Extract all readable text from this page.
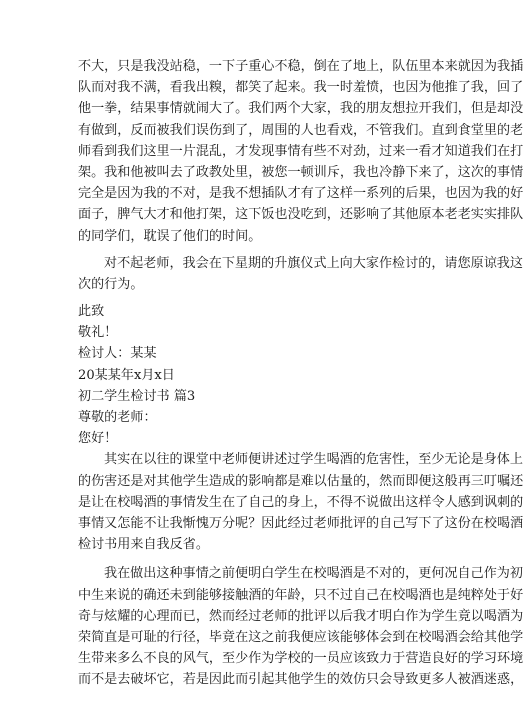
不大，只是我没站稳，一下子重心不稳，倒在了地上，队伍里本来就因为我插
队而对我不满，看我出糗，都笑了起来。我一时羞愤，也因为他推了我，回了
他一拳，结果事情就闹大了。我们两个大家，我的朋友想拉开我们，但是却没
有做到，反而被我们误伤到了，周围的人也看戏，不管我们。直到食堂里的老
师看到我们这里一片混乱，才发现事情有些不对劲，过来一看才知道我们在打
架。我和他被叫去了政教处里，被您一顿训斥，我也冷静下来了，这次的事情
完全是因为我的不对，是我不想插队才有了这样一系列的后果，也因为我的好
面子，脾气大才和他打架，这下饭也没吃到，还影响了其他原本老老实实排队
的同学们，耽误了他们的时间。
对不起老师，我会在下星期的升旗仪式上向大家作检讨的，请您原谅我这
次的行为。
此致
敬礼！
检讨人：某某
20某某年x月x日
初二学生检讨书 篇3
尊敬的老师：
您好！
其实在以往的课堂中老师便讲述过学生喝酒的危害性，至少无论是身体上
的伤害还是对其他学生造成的影响都是难以估量的，然而即便这般再三叮嘱还
是让在校喝酒的事情发生在了自己的身上，不得不说做出这样令人感到讽刺的
事情又怎能不让我惭愧万分呢？因此经过老师批评的自己写下了这份在校喝酒
检讨书用来自我反省。
我在做出这种事情之前便明白学生在校喝酒是不对的，更何况自己作为初
中生来说的确还未到能够接触酒的年龄，只不过自己在校喝酒也是纯粹处于好
奇与炫耀的心理而已，然而经过老师的批评以后我才明白作为学生竟以喝酒为
荣简直是可耻的行径，毕竟在这之前我便应该能够体会到在校喝酒会给其他学
生带来多么不良的风气，至少作为学校的一员应该致力于营造良好的学习环境
而不是去破坏它，若是因此而引起其他学生的效仿只会导致更多人被酒迷惑，
